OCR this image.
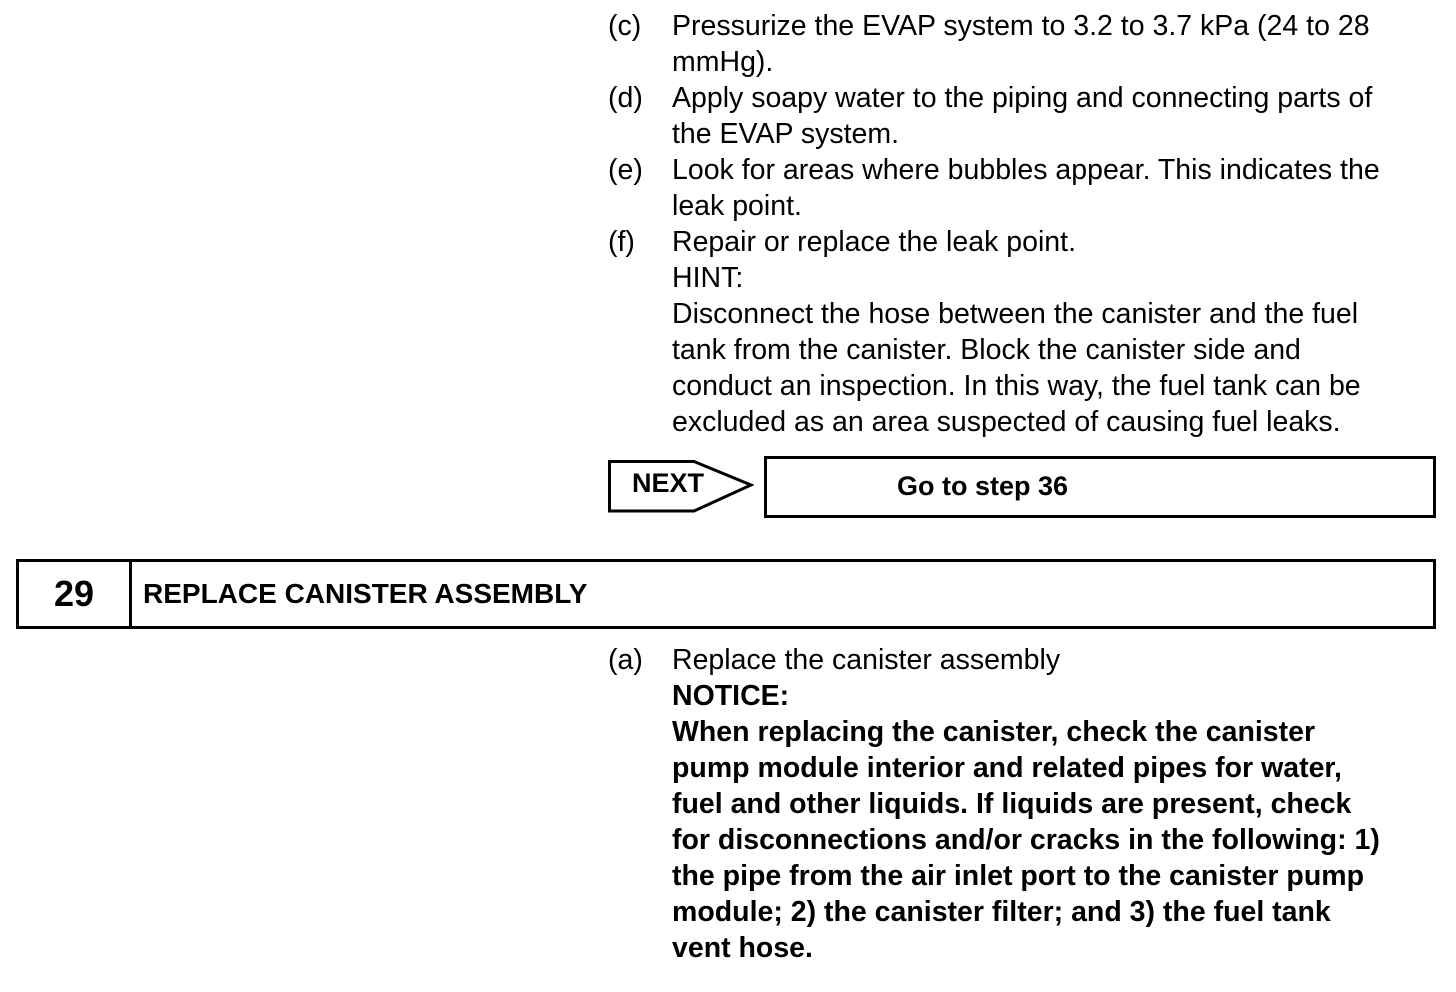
(c) Pressurize the EVAP system to 3.2 to 3.7 kPa (24 to 28
mmHg).
(d) Apply soapy water to the piping and connecting parts of
the EVAP system.
(e) Look for areas where bubbles appear. This indicates the
leak point.
(f) Repair or replace the leak point.
HINT:
Disconnect the hose between the canister and the fuel
tank from the canister. Block the canister side and
conduct an inspection. In this way, the fuel tank can be
excluded as an area suspected of causing fuel leaks.
NEXT	Go to step 36
29	REPLACE CANISTER ASSEMBLY
(a) Replace the canister assembly
NOTICE:
When replacing the canister, check the canister
pump module interior and related pipes for water,
fuel and other liquids. If liquids are present, check
for disconnections and/or cracks in the following: 1)
the pipe from the air inlet port to the canister pump
module; 2) the canister filter; and 3) the fuel tank
vent hose.
